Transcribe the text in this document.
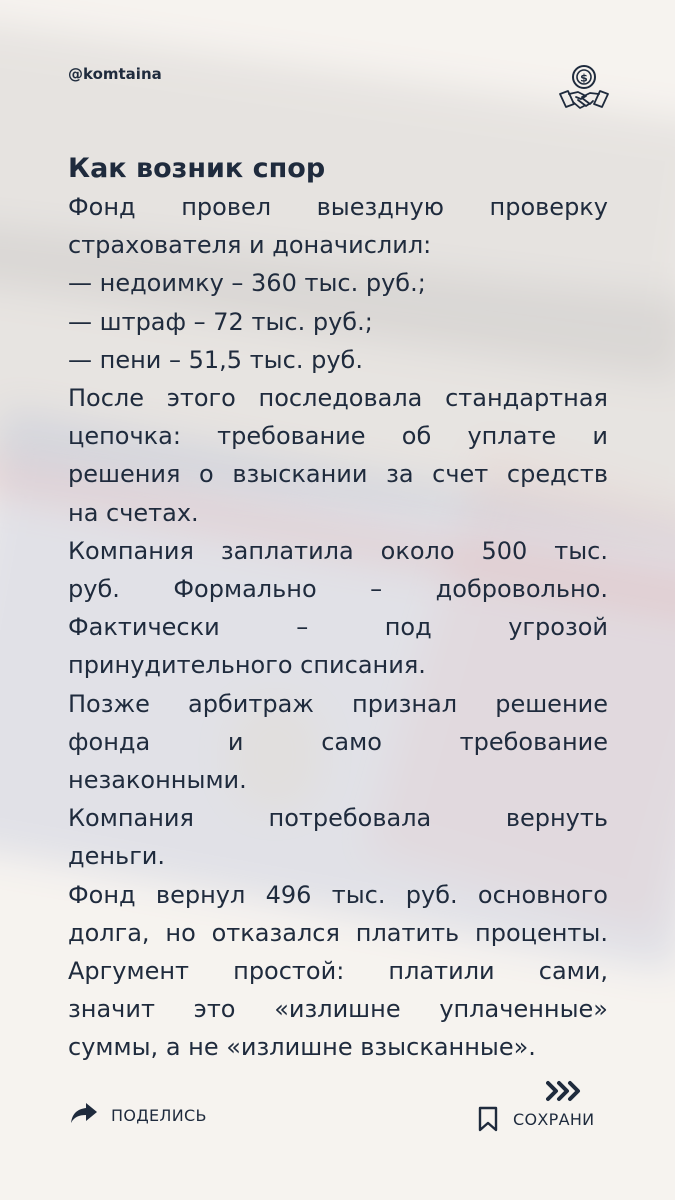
@komtaina	$
Как возник спор

Фонд провел выездную проверку

страхователя и доначислил:

— недоимку – 360 тыс. руб.;

— штраф – 72 тыс. руб.;

— пени – 51,5 тыс. руб.

После этого последовала стандартная

цепочка: требование об уплате и

решения о взыскании за счет средств

на счетах.

Компания заплатила около 500 тыс.

руб. Формально – добровольно.

Фактически – под угрозой

принудительного списания.

Позже арбитраж признал решение

фонда и само требование

незаконными.

Компания потребовала вернуть

деньги.

Фонд вернул 496 тыс. руб. основного

долга, но отказался платить проценты.

Аргумент простой: платили сами,

значит это «излишне уплаченные»

суммы, а не «излишне взысканные».

ПОДЕЛИСЬ	СОХРАНИ
